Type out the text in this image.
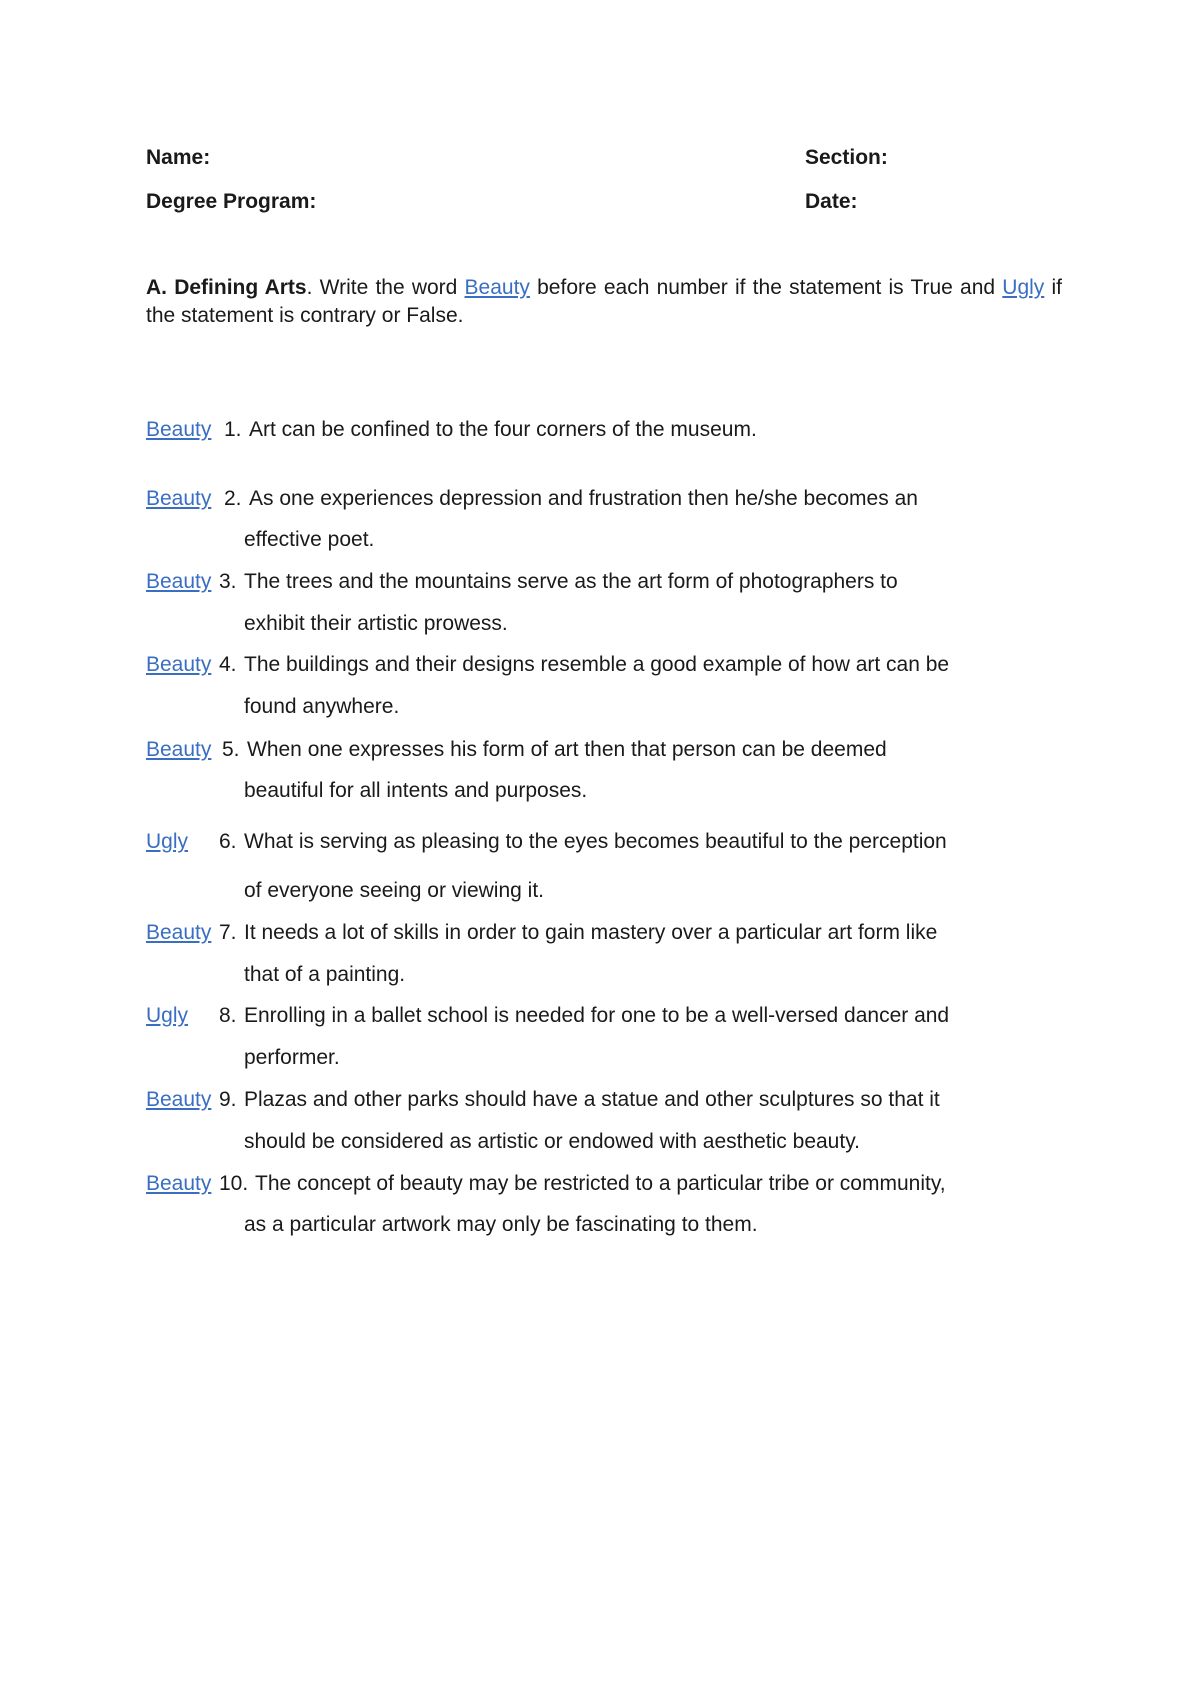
Name:	Section:
Degree Program:	Date:
A. Defining Arts. Write the word Beauty before each number if the statement is True and Ugly if the statement is contrary or False.
Beauty 1. Art can be confined to the four corners of the museum.
Beauty 2. As one experiences depression and frustration then he/she becomes an
effective poet.
Beauty 3. The trees and the mountains serve as the art form of photographers to
exhibit their artistic prowess.
Beauty 4. The buildings and their designs resemble a good example of how art can be
found anywhere.
Beauty 5. When one expresses his form of art then that person can be deemed
beautiful for all intents and purposes.
Ugly 6. What is serving as pleasing to the eyes becomes beautiful to the perception
of everyone seeing or viewing it.
Beauty 7. It needs a lot of skills in order to gain mastery over a particular art form like
that of a painting.
Ugly 8. Enrolling in a ballet school is needed for one to be a well-versed dancer and
performer.
Beauty 9. Plazas and other parks should have a statue and other sculptures so that it
should be considered as artistic or endowed with aesthetic beauty.
Beauty 10. The concept of beauty may be restricted to a particular tribe or community,
as a particular artwork may only be fascinating to them.
